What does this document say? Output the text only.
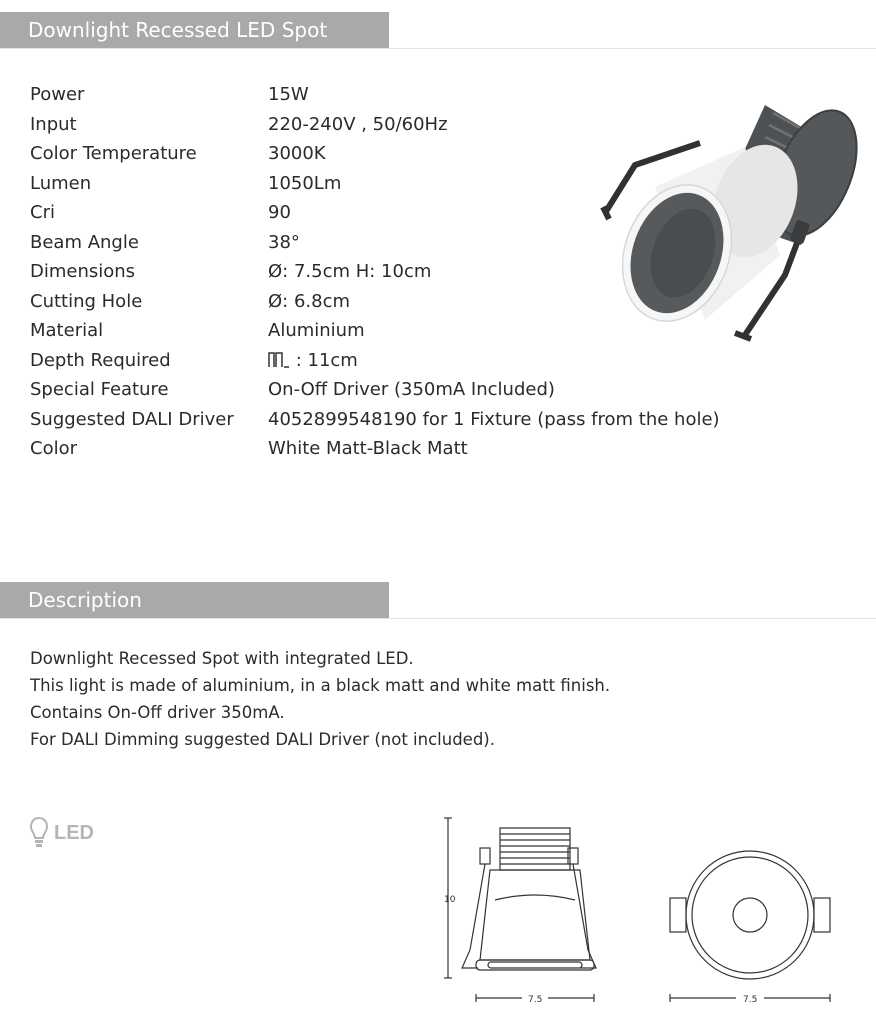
Downlight Recessed LED Spot
Power	15W
Input	220-240V , 50/60Hz
Color Temperature	3000K
Lumen	1050Lm
Cri	90
Beam Angle	38°
Dimensions	Ø: 7.5cm H: 10cm
Cutting Hole	Ø: 6.8cm
Material	Aluminium
Depth Required	: 11cm
Special Feature	On-Off Driver (350mA Included)
Suggested DALI Driver 4052899548190 for 1 Fixture (pass from the hole)
Color	White Matt-Black Matt
Description
Downlight Recessed Spot with integrated LED.
This light is made of aluminium, in a black matt and white matt finish.
Contains On-Off driver 350mA.
For DALI Dimming suggested DALI Driver (not included).
LED
10
7.5	7.5
